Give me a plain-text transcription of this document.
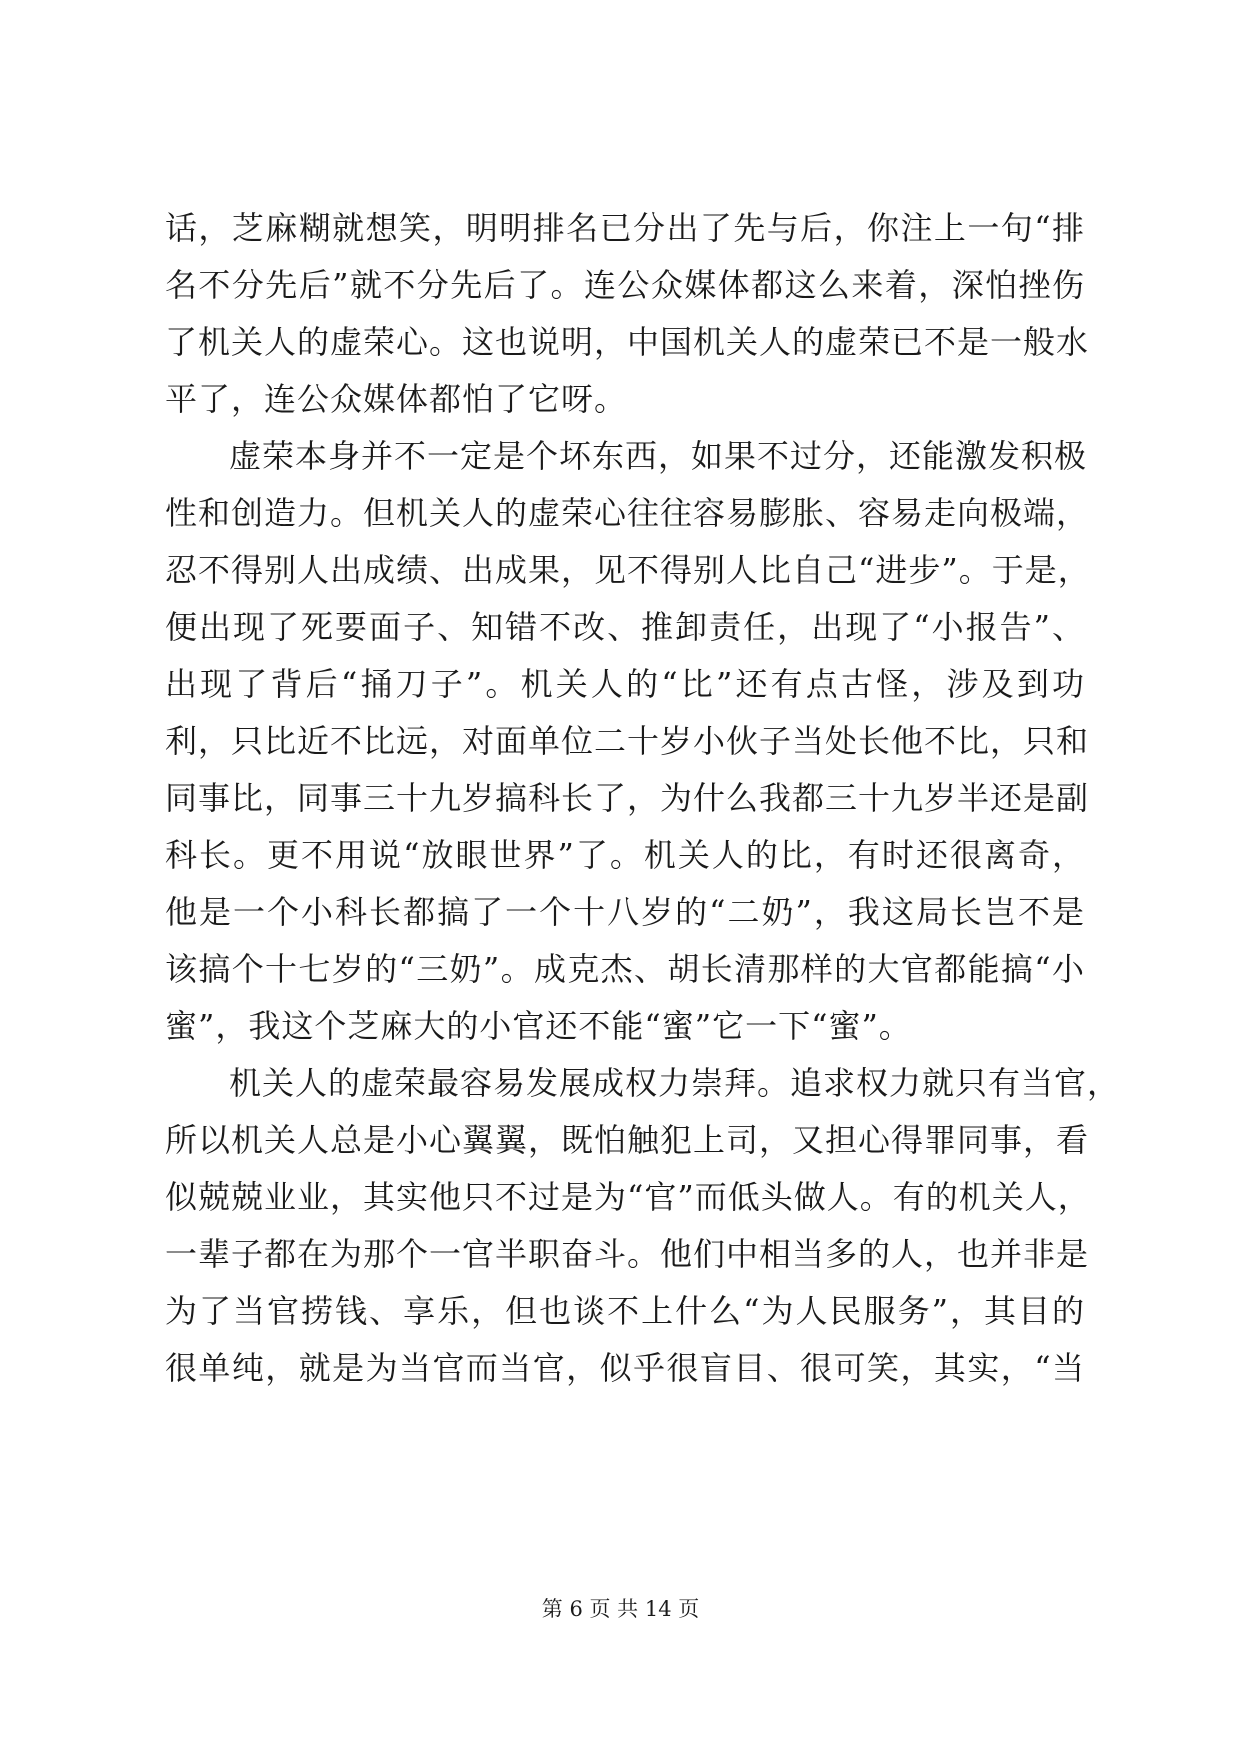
话，芝麻糊就想笑，明明排名已分出了先与后，你注上一句“排

名不分先后”就不分先后了。连公众媒体都这么来着，深怕挫伤

了机关人的虚荣心。这也说明，中国机关人的虚荣已不是一般水

平了，连公众媒体都怕了它呀。

虚荣本身并不一定是个坏东西，如果不过分，还能激发积极

性和创造力。但机关人的虚荣心往往容易膨胀、容易走向极端，

忍不得别人出成绩、出成果，见不得别人比自己“进步”。于是，

便出现了死要面子、知错不改、推卸责任，出现了“小报告”、

出现了背后“捅刀子”。机关人的“比”还有点古怪，涉及到功

利，只比近不比远，对面单位二十岁小伙子当处长他不比，只和

同事比，同事三十九岁搞科长了，为什么我都三十九岁半还是副

科长。更不用说“放眼世界”了。机关人的比，有时还很离奇，

他是一个小科长都搞了一个十八岁的“二奶”，我这局长岂不是

该搞个十七岁的“三奶”。成克杰、胡长清那样的大官都能搞“小

蜜”，我这个芝麻大的小官还不能“蜜”它一下“蜜”。

机关人的虚荣最容易发展成权力崇拜。追求权力就只有当官，

所以机关人总是小心翼翼，既怕触犯上司，又担心得罪同事，看

似兢兢业业，其实他只不过是为“官”而低头做人。有的机关人，

一辈子都在为那个一官半职奋斗。他们中相当多的人，也并非是

为了当官捞钱、享乐，但也谈不上什么“为人民服务”，其目的

很单纯，就是为当官而当官，似乎很盲目、很可笑，其实，“当

第 6 页 共 14 页
